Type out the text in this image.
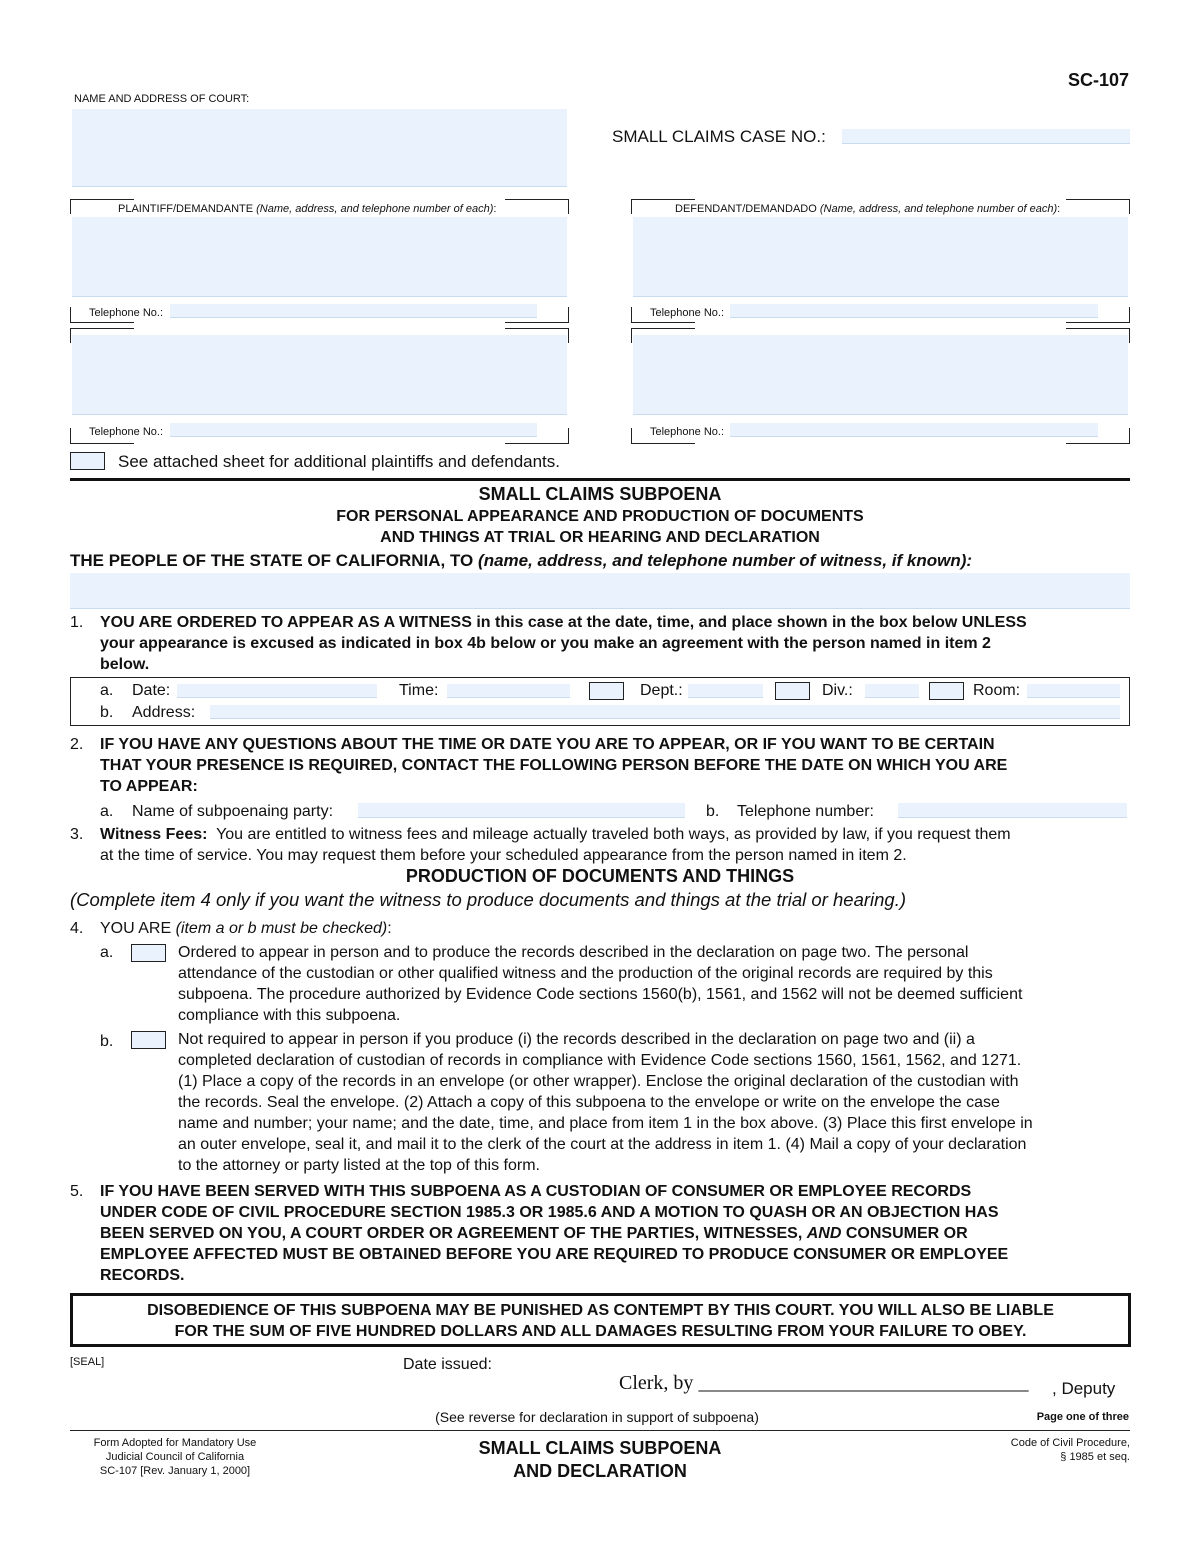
SC-107
NAME AND ADDRESS OF COURT:
SMALL CLAIMS CASE NO.:
PLAINTIFF/DEMANDANTE (Name, address, and telephone number of each):
Telephone No.:
Telephone No.:
DEFENDANT/DEMANDADO (Name, address, and telephone number of each):
Telephone No.:
Telephone No.:
See attached sheet for additional plaintiffs and defendants.
SMALL CLAIMS SUBPOENA
FOR PERSONAL APPEARANCE AND PRODUCTION OF DOCUMENTS
AND THINGS AT TRIAL OR HEARING AND DECLARATION
THE PEOPLE OF THE STATE OF CALIFORNIA, TO (name, address, and telephone number of witness, if known):
1. YOU ARE ORDERED TO APPEAR AS A WITNESS in this case at the date, time, and place shown in the box below UNLESS
your appearance is excused as indicated in box 4b below or you make an agreement with the person named in item 2
below.
a. Date:	Time:	Dept.:	Div.:	Room:
b. Address:
2. IF YOU HAVE ANY QUESTIONS ABOUT THE TIME OR DATE YOU ARE TO APPEAR, OR IF YOU WANT TO BE CERTAIN
THAT YOUR PRESENCE IS REQUIRED, CONTACT THE FOLLOWING PERSON BEFORE THE DATE ON WHICH YOU ARE
TO APPEAR:
a. Name of subpoenaing party:	b. Telephone number:
3. Witness Fees: You are entitled to witness fees and mileage actually traveled both ways, as provided by law, if you request them
at the time of service. You may request them before your scheduled appearance from the person named in item 2.
PRODUCTION OF DOCUMENTS AND THINGS
(Complete item 4 only if you want the witness to produce documents and things at the trial or hearing.)
4. YOU ARE (item a or b must be checked):
a.	Ordered to appear in person and to produce the records described in the declaration on page two. The personal
attendance of the custodian or other qualified witness and the production of the original records are required by this
subpoena. The procedure authorized by Evidence Code sections 1560(b), 1561, and 1562 will not be deemed sufficient
compliance with this subpoena.
b.	Not required to appear in person if you produce (i) the records described in the declaration on page two and (ii) a
completed declaration of custodian of records in compliance with Evidence Code sections 1560, 1561, 1562, and 1271.
(1) Place a copy of the records in an envelope (or other wrapper). Enclose the original declaration of the custodian with
the records. Seal the envelope. (2) Attach a copy of this subpoena to the envelope or write on the envelope the case
name and number; your name; and the date, time, and place from item 1 in the box above. (3) Place this first envelope in
an outer envelope, seal it, and mail it to the clerk of the court at the address in item 1. (4) Mail a copy of your declaration
to the attorney or party listed at the top of this form.
5. IF YOU HAVE BEEN SERVED WITH THIS SUBPOENA AS A CUSTODIAN OF CONSUMER OR EMPLOYEE RECORDS
UNDER CODE OF CIVIL PROCEDURE SECTION 1985.3 OR 1985.6 AND A MOTION TO QUASH OR AN OBJECTION HAS
BEEN SERVED ON YOU, A COURT ORDER OR AGREEMENT OF THE PARTIES, WITNESSES, AND CONSUMER OR
EMPLOYEE AFFECTED MUST BE OBTAINED BEFORE YOU ARE REQUIRED TO PRODUCE CONSUMER OR EMPLOYEE
RECORDS.
DISOBEDIENCE OF THIS SUBPOENA MAY BE PUNISHED AS CONTEMPT BY THIS COURT. YOU WILL ALSO BE LIABLE
FOR THE SUM OF FIVE HUNDRED DOLLARS AND ALL DAMAGES RESULTING FROM YOUR FAILURE TO OBEY.
[SEAL]	Date issued:
Clerk, by _________________________________ , Deputy
(See reverse for declaration in support of subpoena)	Page one of three
Form Adopted for Mandatory Use
Judicial Council of California
SC-107 [Rev. January 1, 2000]
SMALL CLAIMS SUBPOENA
AND DECLARATION
Code of Civil Procedure,
§ 1985 et seq.
